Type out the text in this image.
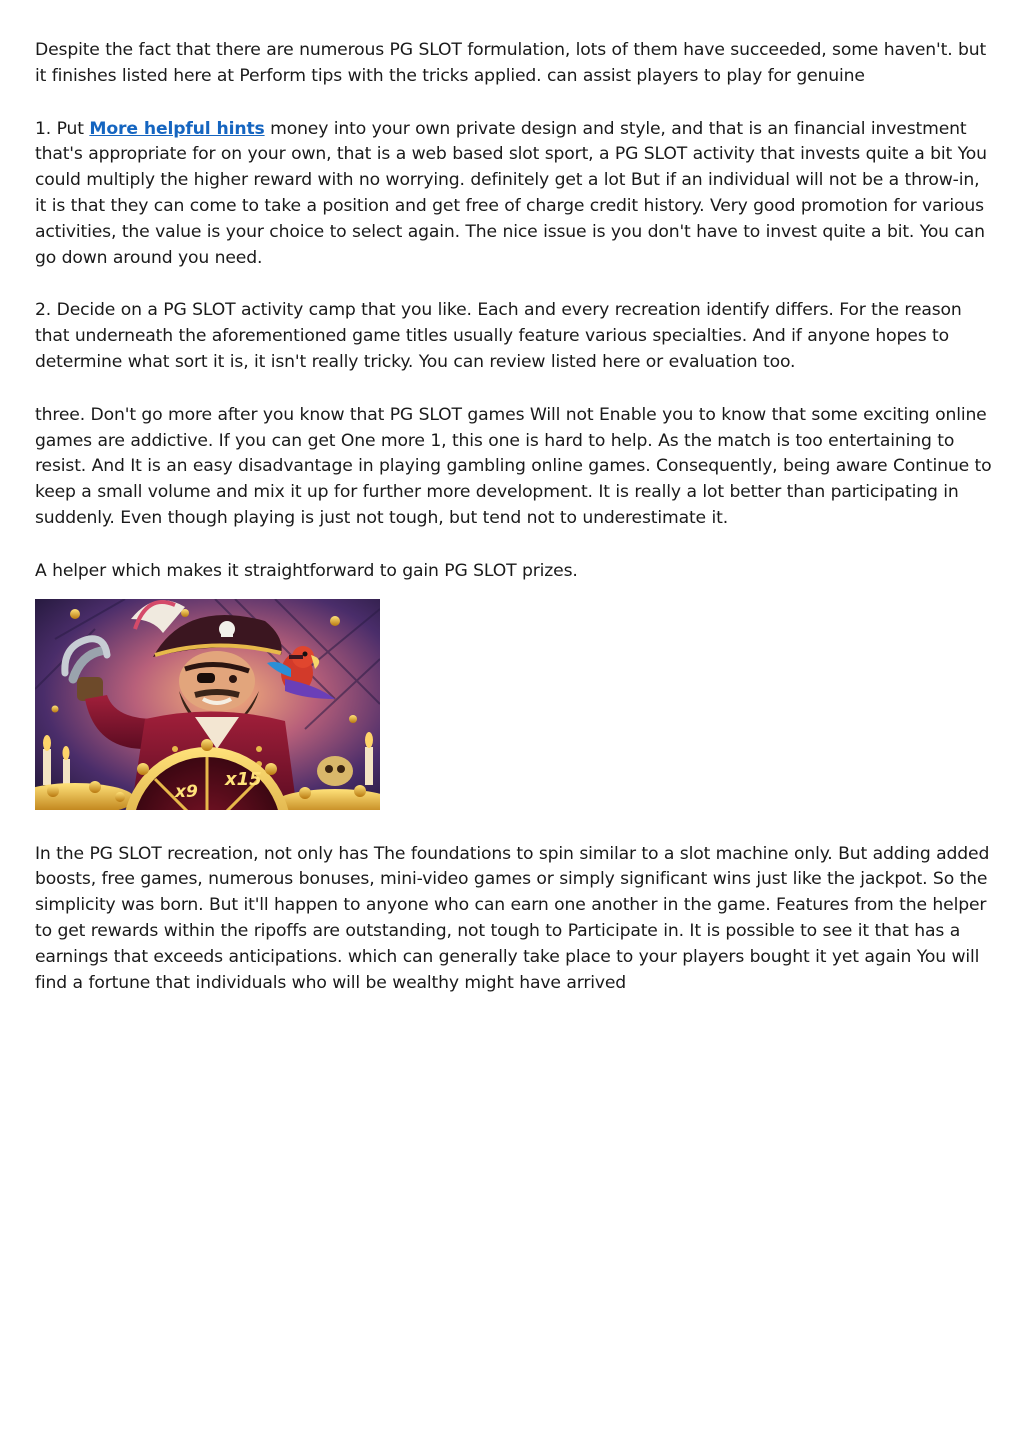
Despite the fact that there are numerous PG SLOT formulation, lots of them have succeeded, some haven't. but it finishes listed here at Perform tips with the tricks applied. can assist players to play for genuine

1. Put More helpful hints money into your own private design and style, and that is an financial investment that's appropriate for on your own, that is a web based slot sport, a PG SLOT activity that invests quite a bit You could multiply the higher reward with no worrying. definitely get a lot But if an individual will not be a throw-in, it is that they can come to take a position and get free of charge credit history. Very good promotion for various activities, the value is your choice to select again. The nice issue is you don't have to invest quite a bit. You can go down around you need.

2. Decide on a PG SLOT activity camp that you like. Each and every recreation identify differs. For the reason that underneath the aforementioned game titles usually feature various specialties. And if anyone hopes to determine what sort it is, it isn't really tricky. You can review listed here or evaluation too.

three. Don't go more after you know that PG SLOT games Will not Enable you to know that some exciting online games are addictive. If you can get One more 1, this one is hard to help. As the match is too entertaining to resist. And It is an easy disadvantage in playing gambling online games. Consequently, being aware Continue to keep a small volume and mix it up for further more development. It is really a lot better than participating in suddenly. Even though playing is just not tough, but tend not to underestimate it.

A helper which makes it straightforward to gain PG SLOT prizes.

x9
x15

In the PG SLOT recreation, not only has The foundations to spin similar to a slot machine only. But adding added boosts, free games, numerous bonuses, mini-video games or simply significant wins just like the jackpot. So the simplicity was born. But it'll happen to anyone who can earn one another in the game. Features from the helper to get rewards within the ripoffs are outstanding, not tough to Participate in. It is possible to see it that has a earnings that exceeds anticipations. which can generally take place to your players bought it yet again You will find a fortune that individuals who will be wealthy might have arrived
